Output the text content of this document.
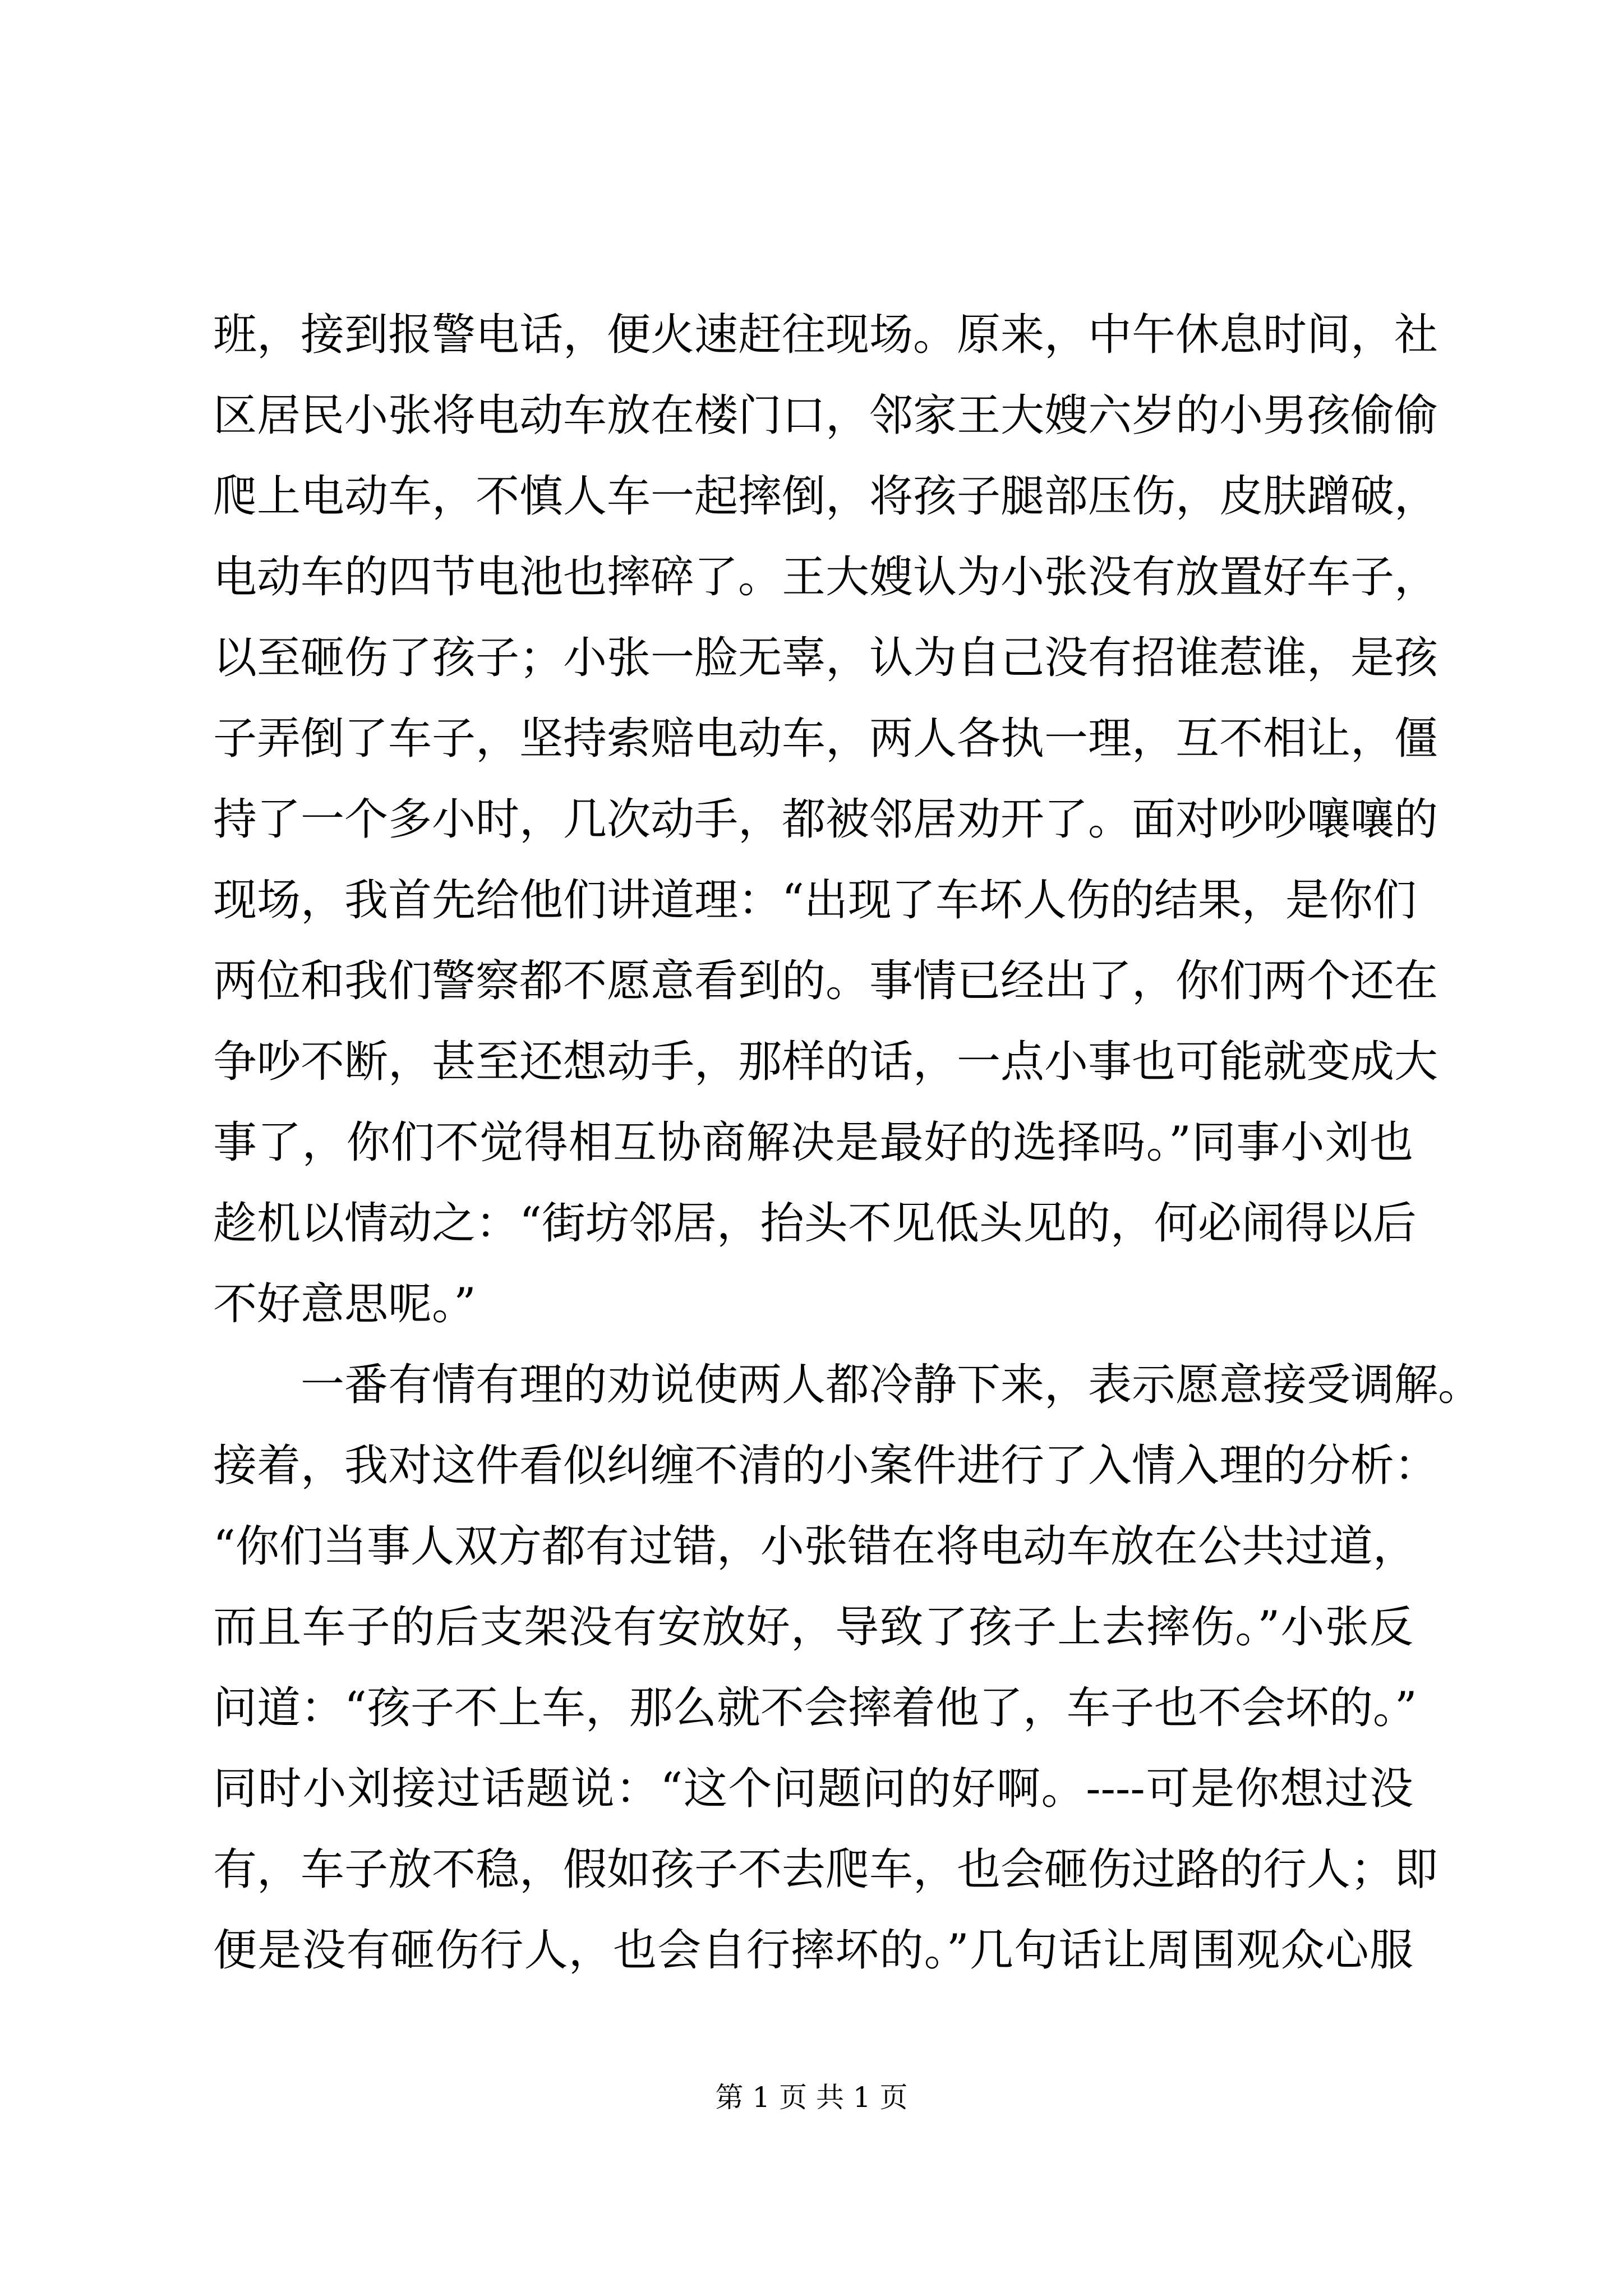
班，接到报警电话，便火速赶往现场。原来，中午休息时间，社
区居民小张将电动车放在楼门口，邻家王大嫂六岁的小男孩偷偷
爬上电动车，不慎人车一起摔倒，将孩子腿部压伤，皮肤蹭破，
电动车的四节电池也摔碎了。王大嫂认为小张没有放置好车子，
以至砸伤了孩子；小张一脸无辜，认为自己没有招谁惹谁，是孩
子弄倒了车子，坚持索赔电动车，两人各执一理，互不相让，僵
持了一个多小时，几次动手，都被邻居劝开了。面对吵吵嚷嚷的
现场，我首先给他们讲道理：“出现了车坏人伤的结果，是你们
两位和我们警察都不愿意看到的。事情已经出了，你们两个还在
争吵不断，甚至还想动手，那样的话，一点小事也可能就变成大
事了，你们不觉得相互协商解决是最好的选择吗。”同事小刘也
趁机以情动之：“街坊邻居，抬头不见低头见的，何必闹得以后
不好意思呢。”
一番有情有理的劝说使两人都冷静下来，表示愿意接受调解。
接着，我对这件看似纠缠不清的小案件进行了入情入理的分析：
“你们当事人双方都有过错，小张错在将电动车放在公共过道，
而且车子的后支架没有安放好，导致了孩子上去摔伤。”小张反
问道：“孩子不上车，那么就不会摔着他了，车子也不会坏的。”
同时小刘接过话题说：“这个问题问的好啊。----可是你想过没
有，车子放不稳，假如孩子不去爬车，也会砸伤过路的行人；即
便是没有砸伤行人，也会自行摔坏的。”几句话让周围观众心服
第 1 页 共 1 页
